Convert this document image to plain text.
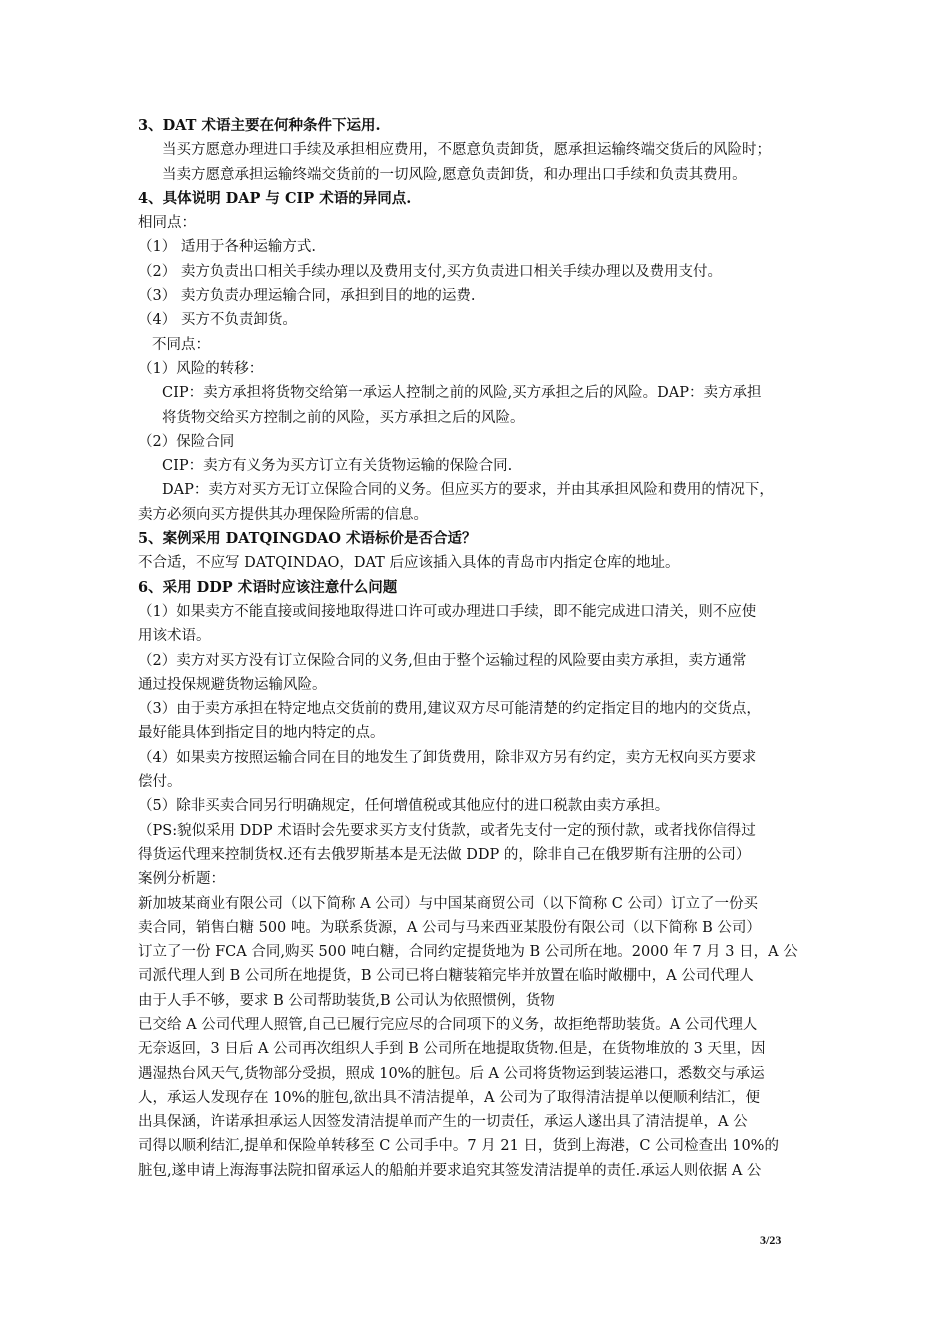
3、DAT 术语主要在何种条件下运用.
当买方愿意办理进口手续及承担相应费用，不愿意负责卸货，愿承担运输终端交货后的风险时；
当卖方愿意承担运输终端交货前的一切风险,愿意负责卸货，和办理出口手续和负责其费用。
4、具体说明 DAP 与 CIP 术语的异同点.
相同点：
（1） 适用于各种运输方式.
（2） 卖方负责出口相关手续办理以及费用支付,买方负责进口相关手续办理以及费用支付。
（3） 卖方负责办理运输合同，承担到目的地的运费.
（4） 买方不负责卸货。
不同点：
（1）风险的转移：
CIP：卖方承担将货物交给第一承运人控制之前的风险,买方承担之后的风险。DAP：卖方承担
将货物交给买方控制之前的风险，买方承担之后的风险。
（2）保险合同
CIP：卖方有义务为买方订立有关货物运输的保险合同.
DAP：卖方对买方无订立保险合同的义务。但应买方的要求，并由其承担风险和费用的情况下，
卖方必须向买方提供其办理保险所需的信息。
5、案例采用 DATQINGDAO 术语标价是否合适？
不合适，不应写 DATQINDAO，DAT 后应该插入具体的青岛市内指定仓库的地址。
6、采用 DDP 术语时应该注意什么问题
（1）如果卖方不能直接或间接地取得进口许可或办理进口手续，即不能完成进口清关，则不应使
用该术语。
（2）卖方对买方没有订立保险合同的义务,但由于整个运输过程的风险要由卖方承担，卖方通常
通过投保规避货物运输风险。
（3）由于卖方承担在特定地点交货前的费用,建议双方尽可能清楚的约定指定目的地内的交货点，
最好能具体到指定目的地内特定的点。
（4）如果卖方按照运输合同在目的地发生了卸货费用，除非双方另有约定，卖方无权向买方要求
偿付。
（5）除非买卖合同另行明确规定，任何增值税或其他应付的进口税款由卖方承担。
（PS:貌似采用 DDP 术语时会先要求买方支付货款，或者先支付一定的预付款，或者找你信得过
得货运代理来控制货权.还有去俄罗斯基本是无法做 DDP 的，除非自己在俄罗斯有注册的公司）
案例分析题：
新加坡某商业有限公司（以下简称 A 公司）与中国某商贸公司（以下简称 C 公司）订立了一份买
卖合同，销售白糖 500 吨。为联系货源，A 公司与马来西亚某股份有限公司（以下简称 B 公司）
订立了一份 FCA 合同,购买 500 吨白糖，合同约定提货地为 B 公司所在地。2000 年 7 月 3 日，A 公
司派代理人到 B 公司所在地提货，B 公司已将白糖装箱完毕并放置在临时敞棚中，A 公司代理人
由于人手不够，要求 B 公司帮助装货,B 公司认为依照惯例，货物
已交给 A 公司代理人照管,自己已履行完应尽的合同项下的义务，故拒绝帮助装货。A 公司代理人
无奈返回，3 日后 A 公司再次组织人手到 B 公司所在地提取货物.但是，在货物堆放的 3 天里，因
遇湿热台风天气,货物部分受损，照成 10%的脏包。后 A 公司将货物运到装运港口，悉数交与承运
人，承运人发现存在 10%的脏包,欲出具不清洁提单，A 公司为了取得清洁提单以便顺利结汇，便
出具保涵，许诺承担承运人因签发清洁提单而产生的一切责任，承运人遂出具了清洁提单，A 公
司得以顺利结汇,提单和保险单转移至 C 公司手中。7 月 21 日，货到上海港，C 公司检查出 10%的
脏包,遂申请上海海事法院扣留承运人的船舶并要求追究其签发清洁提单的责任.承运人则依据 A 公
3/23
